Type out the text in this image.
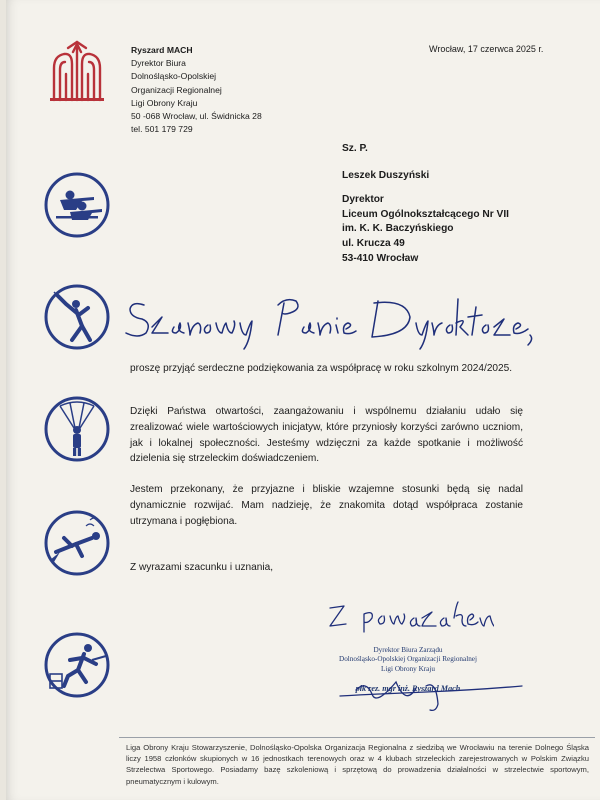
Ryszard MACH
Dyrektor Biura
Dolnośląsko-Opolskiej
Organizacji Regionalnej
Ligi Obrony Kraju
50 -068 Wrocław, ul. Świdnicka 28
tel. 501 179 729
Wrocław, 17 czerwca 2025 r.
Sz. P.
Leszek Duszyński
Dyrektor
Liceum Ogólnokształcącego Nr VII
im. K. K. Baczyńskiego
ul. Krucza 49
53-410 Wrocław
proszę przyjąć serdeczne podziękowania za współpracę w roku szkolnym 2024/2025.
Dzięki Państwa otwartości, zaangażowaniu i wspólnemu działaniu udało się zrealizować wiele wartościowych inicjatyw, które przyniosły korzyści zarówno uczniom, jak i lokalnej społeczności. Jesteśmy wdzięczni za każde spotkanie i możliwość dzielenia się strzeleckim doświadczeniem.
Jestem przekonany, że przyjazne i bliskie wzajemne stosunki będą się nadal dynamicznie rozwijać. Mam nadzieję, że znakomita dotąd współpraca zostanie utrzymana i pogłębiona.
Z wyrazami szacunku i uznania,
Dyrektor Biura Zarządu
Dolnośląsko-Opolskiej Organizacji Regionalnej
Ligi Obrony Kraju
płk rez. mgr inż. Ryszard Mach
Liga Obrony Kraju Stowarzyszenie, Dolnośląsko-Opolska Organizacja Regionalna z siedzibą we Wrocławiu na terenie Dolnego Śląska liczy 1958 członków skupionych w 16 jednostkach terenowych oraz w 4 klubach strzeleckich zarejestrowanych w Polskim Związku Strzelectwa Sportowego. Posiadamy bazę szkoleniową i sprzętową do prowadzenia działalności w strzelectwie sportowym, pneumatycznym i kulowym.
